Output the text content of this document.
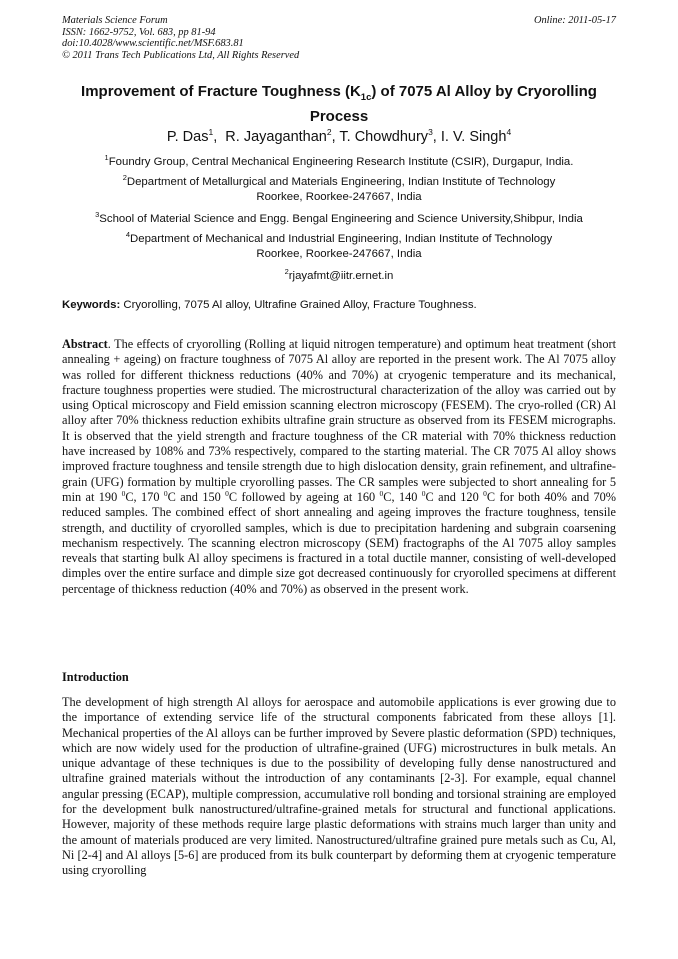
Materials Science Forum
ISSN: 1662-9752, Vol. 683, pp 81-94
doi:10.4028/www.scientific.net/MSF.683.81
© 2011 Trans Tech Publications Ltd, All Rights Reserved
Online: 2011-05-17
Improvement of Fracture Toughness $(K_{1c})$ of 7075 Al Alloy by Cryorolling Process
P. Das$^1$,  R. Jayaganthan$^2$, T. Chowdhury$^3$, I. V. Singh$^4$
$^1$Foundry Group, Central Mechanical Engineering Research Institute (CSIR), Durgapur, India.
$^2$Department of Metallurgical and Materials Engineering, Indian Institute of Technology
Roorkee, Roorkee-247667, India
$^3$School of Material Science and Engg. Bengal Engineering and Science University,Shibpur, India
$^4$Department of Mechanical and Industrial Engineering, Indian Institute of Technology
Roorkee, Roorkee-247667, India
$^2$rjayafmt@iitr.ernet.in
Keywords: Cryorolling, 7075 Al alloy, Ultrafine Grained Alloy, Fracture Toughness.
Abstract. The effects of cryorolling (Rolling at liquid nitrogen temperature) and optimum heat treatment (short annealing + ageing) on fracture toughness of 7075 Al alloy are reported in the present work. The Al 7075 alloy was rolled for different thickness reductions (40% and 70%) at cryogenic temperature and its mechanical, fracture toughness properties were studied. The microstructural characterization of the alloy was carried out by using Optical microscopy and Field emission scanning electron microscopy (FESEM). The cryo-rolled (CR) Al alloy after 70% thickness reduction exhibits ultrafine grain structure as observed from its FESEM micrographs. It is observed that the yield strength and fracture toughness of the CR material with 70% thickness reduction have increased by 108% and 73% respectively, compared to the starting material. The CR 7075 Al alloy shows improved fracture toughness and tensile strength due to high dislocation density, grain refinement, and ultrafine-grain (UFG) formation by multiple cryorolling passes. The CR samples were subjected to short annealing for 5 min at 190 $^0$C, 170 $^0$C and 150 $^0$C followed by ageing at 160 $^0$C, 140 $^0$C and 120 $^0$C for both 40% and 70% reduced samples. The combined effect of short annealing and ageing improves the fracture toughness, tensile strength, and ductility of cryorolled samples, which is due to precipitation hardening and subgrain coarsening mechanism respectively. The scanning electron microscopy (SEM) fractographs of the Al 7075 alloy samples reveals that starting bulk Al alloy specimens is fractured in a total ductile manner, consisting of well-developed dimples over the entire surface and dimple size got decreased continuously for cryorolled specimens at different percentage of thickness reduction (40% and 70%) as observed in the present work.
Introduction
The development of high strength Al alloys for aerospace and automobile applications is ever growing due to the importance of extending service life of the structural components fabricated from these alloys [1]. Mechanical properties of the Al alloys can be further improved by Severe plastic deformation (SPD) techniques, which are now widely used for the production of ultrafine-grained (UFG) microstructures in bulk metals. An unique advantage of these techniques is due to the possibility of developing fully dense nanostructured and ultrafine grained materials without the introduction of any contaminants [2-3]. For example, equal channel angular pressing (ECAP), multiple compression, accumulative roll bonding and torsional straining are employed for the development bulk nanostructured/ultrafine-grained metals for structural and functional applications. However, majority of these methods require large plastic deformations with strains much larger than unity and the amount of materials produced are very limited. Nanostructured/ultrafine grained pure metals such as Cu, Al, Ni [2-4] and Al alloys [5-6] are produced from its bulk counterpart by deforming them at cryogenic temperature using cryorolling
